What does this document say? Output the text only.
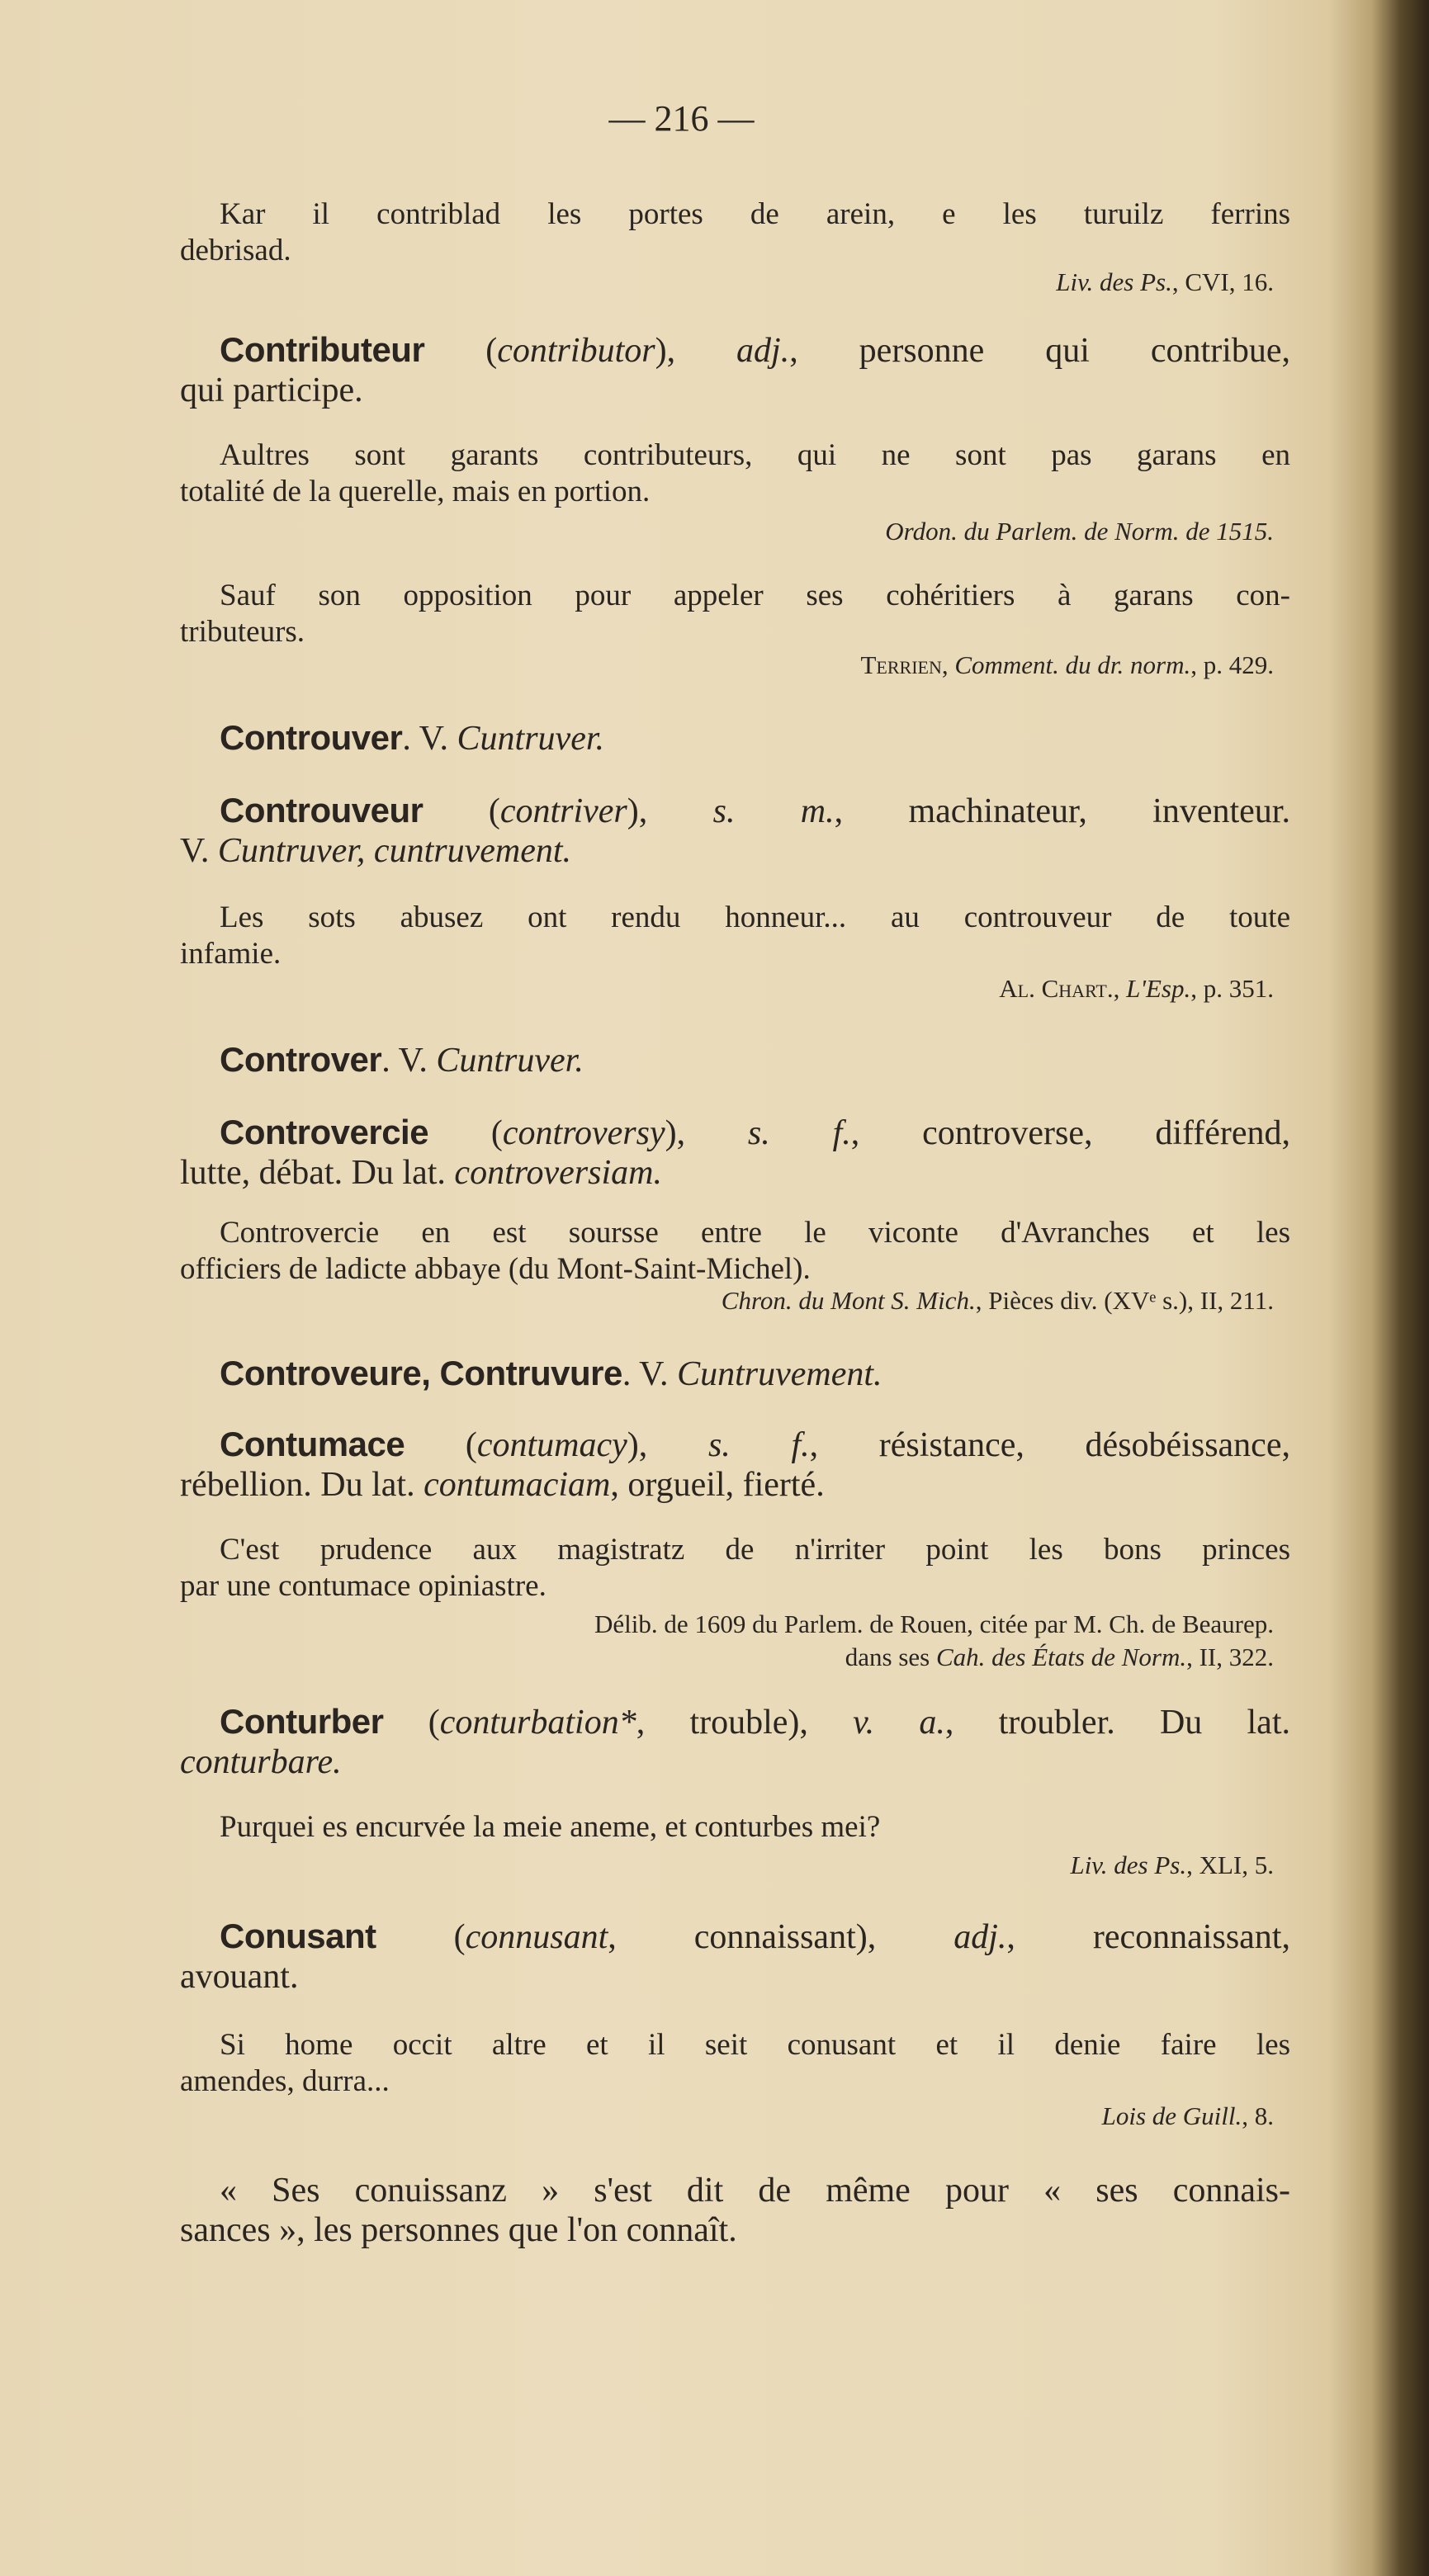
— 216 —
Kar il contriblad les portes de arein, e les turuilz ferrins
debrisad.
Liv. des Ps., CVI, 16.
Contributeur (contributor), adj., personne qui contribue,
qui participe.
Aultres sont garants contributeurs, qui ne sont pas garans en
totalité de la querelle, mais en portion.
Ordon. du Parlem. de Norm. de 1515.
Sauf son opposition pour appeler ses cohéritiers à garans con-
tributeurs.
Terrien, Comment. du dr. norm., p. 429.
Controuver. V. Cuntruver.
Controuveur (contriver), s. m., machinateur, inventeur.
V. Cuntruver, cuntruvement.
Les sots abusez ont rendu honneur... au controuveur de toute
infamie.
Al. Chart., L'Esp., p. 351.
Controver. V. Cuntruver.
Controvercie (controversy), s. f., controverse, différend,
lutte, débat. Du lat. controversiam.
Controvercie en est soursse entre le viconte d'Avranches et les
officiers de ladicte abbaye (du Mont-Saint-Michel).
Chron. du Mont S. Mich., Pièces div. (XVᵉ s.), II, 211.
Controveure, Contruvure. V. Cuntruvement.
Contumace (contumacy), s. f., résistance, désobéissance,
rébellion. Du lat. contumaciam, orgueil, fierté.
C'est prudence aux magistratz de n'irriter point les bons princes
par une contumace opiniastre.
Délib. de 1609 du Parlem. de Rouen, citée par M. Ch. de Beaurep.
dans ses Cah. des États de Norm., II, 322.
Conturber (conturbation*, trouble), v. a., troubler. Du lat.
conturbare.
Purquei es encurvée la meie aneme, et conturbes mei?
Liv. des Ps., XLI, 5.
Conusant (connusant, connaissant), adj., reconnaissant,
avouant.
Si home occit altre et il seit conusant et il denie faire les
amendes, durra...
Lois de Guill., 8.
« Ses conuissanz » s'est dit de même pour « ses connais-
sances », les personnes que l'on connaît.
